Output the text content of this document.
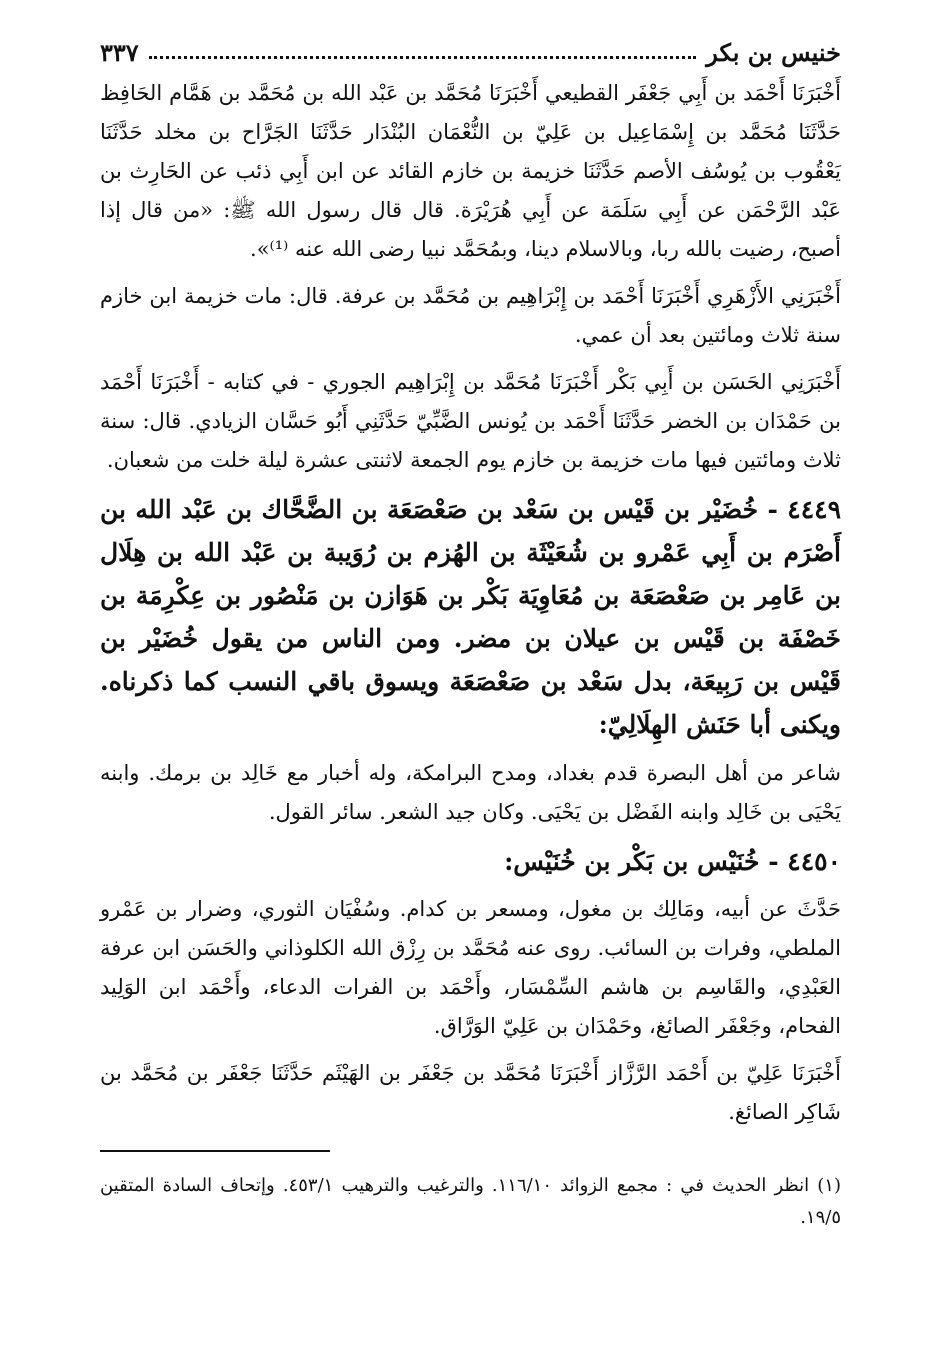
خنيس بن بكر
٣٣٧

أَخْبَرَنَا أَحْمَد بن أَبِي جَعْفَر القطيعي أَخْبَرَنَا مُحَمَّد بن عَبْد الله بن مُحَمَّد بن هَمَّام الحَافِظ حَدَّثَنَا مُحَمَّد بن إِسْمَاعِيل بن عَلِيّ بن النُّعْمَان البُنْدَار حَدَّثَنَا الجَرَّاح بن مخلد حَدَّثَنَا يَعْقُوب بن يُوسُف الأصم حَدَّثَنَا خزيمة بن خازم القائد عن ابن أَبِي ذئب عن الحَارِث بن عَبْد الرَّحْمَن عن أَبِي سَلَمَة عن أَبِي هُرَيْرَة. قال قال رسول الله ﷺ: «من قال إذا أصبح، رضيت بالله ربا، وبالاسلام دينا، وبمُحَمَّد نبيا رضى الله عنه ⁽¹⁾».

أَخْبَرَنِي الأَزْهَرِي أَخْبَرَنَا أَحْمَد بن إِبْرَاهِيم بن مُحَمَّد بن عرفة. قال: مات خزيمة ابن خازم سنة ثلاث ومائتين بعد أن عمي.

أَخْبَرَنِي الحَسَن بن أَبِي بَكْر أَخْبَرَنَا مُحَمَّد بن إِبْرَاهِيم الجوري - في كتابه - أَخْبَرَنَا أَحْمَد بن حَمْدَان بن الخضر حَدَّثَنَا أَحْمَد بن يُونس الضَّبِّيّ حَدَّثَنِي أَبُو حَسَّان الزيادي. قال: سنة ثلاث ومائتين فيها مات خزيمة بن خازم يوم الجمعة لاثنتى عشرة ليلة خلت من شعبان.

٤٤٤٩ - خُضَيْر بن قَيْس بن سَعْد بن صَعْصَعَة بن الضَّحَّاك بن عَبْد الله بن أَصْرَم بن أَبِي عَمْرو بن شُعَيْثَة بن الهُزم بن رُوَيبة بن عَبْد الله بن هِلَال بن عَامِر بن صَعْصَعَة بن مُعَاوِيَة بَكْر بن هَوَازن بن مَنْصُور بن عِكْرِمَة بن خَصْفَة بن قَيْس بن عيلان بن مضر. ومن الناس من يقول خُضَيْر بن قَيْس بن رَبِيعَة، بدل سَعْد بن صَعْصَعَة ويسوق باقي النسب كما ذكرناه. ويكنى أبا حَنَش الهِلَالِيّ:

شاعر من أهل البصرة قدم بغداد، ومدح البرامكة، وله أخبار مع خَالِد بن برمك. وابنه يَحْيَى بن خَالِد وابنه الفَضْل بن يَحْيَى. وكان جيد الشعر. سائر القول.

٤٤٥٠ - خُنَيْس بن بَكْر بن خُنَيْس:

حَدَّثَ عن أبيه، ومَالِك بن مغول، ومسعر بن كدام. وسُفْيَان الثوري، وضرار بن عَمْرو الملطي، وفرات بن السائب. روى عنه مُحَمَّد بن رِزْق الله الكلوذاني والحَسَن ابن عرفة العَبْدِي، والقَاسِم بن هاشم السِّمْسَار، وأَحْمَد بن الفرات الدعاء، وأَحْمَد ابن الوَلِيد الفحام، وجَعْفَر الصائغ، وحَمْدَان بن عَلِيّ الوَرَّاق.

أَخْبَرَنَا عَلِيّ بن أَحْمَد الرَّزَّاز أَخْبَرَنَا مُحَمَّد بن جَعْفَر بن الهَيْثَم حَدَّثَنَا جَعْفَر بن مُحَمَّد بن شَاكِر الصائغ.

(١) انظر الحديث في : مجمع الزوائد ١١٦/١٠. والترغيب والترهيب ٤٥٣/١. وإتحاف السادة المتقين ١٩/٥.
